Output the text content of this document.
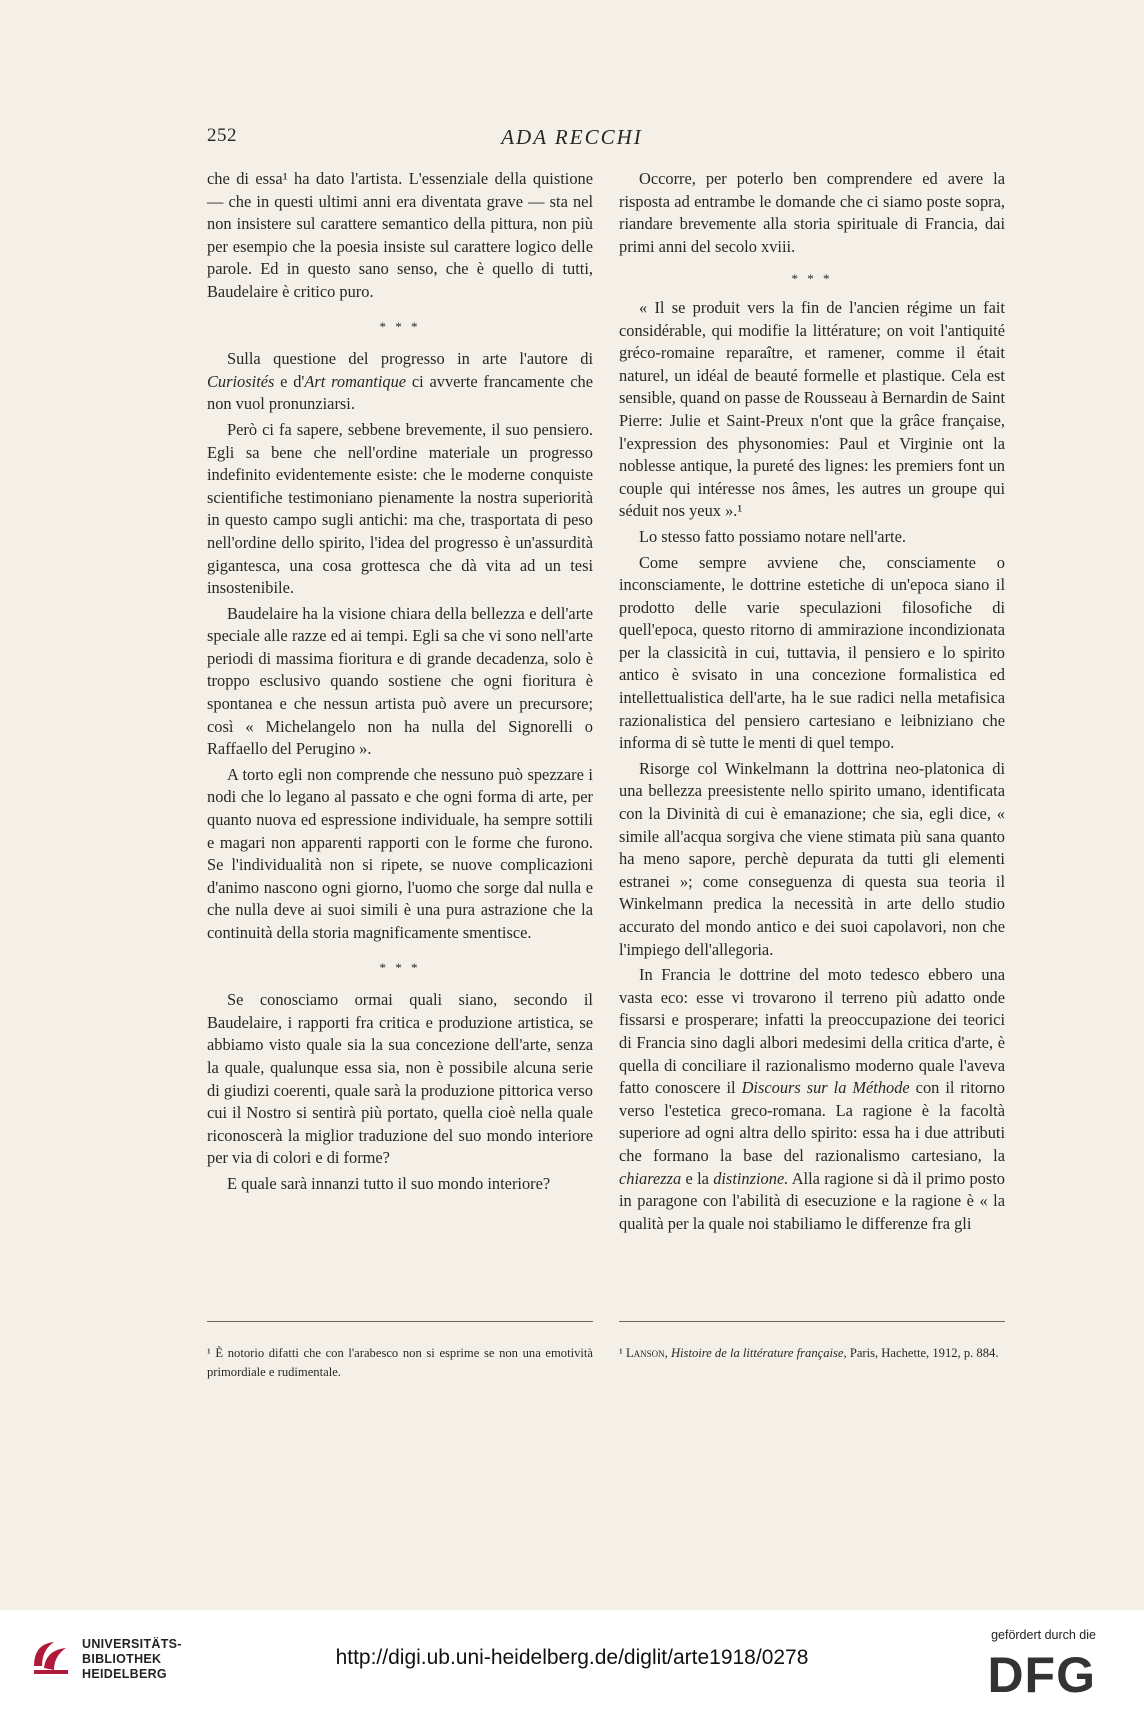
252	ADA RECCHI

che di essa¹ ha dato l'artista. L'essenziale della quistione — che in questi ultimi anni era diventata grave — sta nel non insistere sul carattere semantico della pittura, non più per esempio che la poesia insiste sul carattere logico delle parole. Ed in questo sano senso, che è quello di tutti, Baudelaire è critico puro.

* * *

Sulla questione del progresso in arte l'autore di Curiosités e d'Art romantique ci avverte francamente che non vuol pronunziarsi.

Però ci fa sapere, sebbene brevemente, il suo pensiero. Egli sa bene che nell'ordine materiale un progresso indefinito evidentemente esiste: che le moderne conquiste scientifiche testimoniano pienamente la nostra superiorità in questo campo sugli antichi: ma che, trasportata di peso nell'ordine dello spirito, l'idea del progresso è un'assurdità gigantesca, una cosa grottesca che dà vita ad un tesi insostenibile.

Baudelaire ha la visione chiara della bellezza e dell'arte speciale alle razze ed ai tempi. Egli sa che vi sono nell'arte periodi di massima fioritura e di grande decadenza, solo è troppo esclusivo quando sostiene che ogni fioritura è spontanea e che nessun artista può avere un precursore; così « Michelangelo non ha nulla del Signorelli o Raffaello del Perugino ».

A torto egli non comprende che nessuno può spezzare i nodi che lo legano al passato e che ogni forma di arte, per quanto nuova ed espressione individuale, ha sempre sottili e magari non apparenti rapporti con le forme che furono. Se l'individualità non si ripete, se nuove complicazioni d'animo nascono ogni giorno, l'uomo che sorge dal nulla e che nulla deve ai suoi simili è una pura astrazione che la continuità della storia magnificamente smentisce.

* * *

Se conosciamo ormai quali siano, secondo il Baudelaire, i rapporti fra critica e produzione artistica, se abbiamo visto quale sia la sua concezione dell'arte, senza la quale, qualunque essa sia, non è possibile alcuna serie di giudizi coerenti, quale sarà la produzione pittorica verso cui il Nostro si sentirà più portato, quella cioè nella quale riconoscerà la miglior traduzione del suo mondo interiore per via di colori e di forme?

E quale sarà innanzi tutto il suo mondo interiore?

Occorre, per poterlo ben comprendere ed avere la risposta ad entrambe le domande che ci siamo poste sopra, riandare brevemente alla storia spirituale di Francia, dai primi anni del secolo xviii.

* * *

« Il se produit vers la fin de l'ancien régime un fait considérable, qui modifie la littérature; on voit l'antiquité gréco-romaine reparaître, et ramener, comme il était naturel, un idéal de beauté formelle et plastique. Cela est sensible, quand on passe de Rousseau à Bernardin de Saint Pierre: Julie et Saint-Preux n'ont que la grâce française, l'expression des physonomies: Paul et Virginie ont la noblesse antique, la pureté des lignes: les premiers font un couple qui intéresse nos âmes, les autres un groupe qui séduit nos yeux ».¹

Lo stesso fatto possiamo notare nell'arte.

Come sempre avviene che, consciamente o inconsciamente, le dottrine estetiche di un'epoca siano il prodotto delle varie speculazioni filosofiche di quell'epoca, questo ritorno di ammirazione incondizionata per la classicità in cui, tuttavia, il pensiero e lo spirito antico è svisato in una concezione formalistica ed intellettualistica dell'arte, ha le sue radici nella metafisica razionalistica del pensiero cartesiano e leibniziano che informa di sè tutte le menti di quel tempo.

Risorge col Winkelmann la dottrina neo-platonica di una bellezza preesistente nello spirito umano, identificata con la Divinità di cui è emanazione; che sia, egli dice, « simile all'acqua sorgiva che viene stimata più sana quanto ha meno sapore, perchè depurata da tutti gli elementi estranei »; come conseguenza di questa sua teoria il Winkelmann predica la necessità in arte dello studio accurato del mondo antico e dei suoi capolavori, non che l'impiego dell'allegoria.

In Francia le dottrine del moto tedesco ebbero una vasta eco: esse vi trovarono il terreno più adatto onde fissarsi e prosperare; infatti la preoccupazione dei teorici di Francia sino dagli albori medesimi della critica d'arte, è quella di conciliare il razionalismo moderno quale l'aveva fatto conoscere il Discours sur la Méthode con il ritorno verso l'estetica greco-romana. La ragione è la facoltà superiore ad ogni altra dello spirito: essa ha i due attributi che formano la base del razionalismo cartesiano, la chiarezza e la distinzione. Alla ragione si dà il primo posto in paragone con l'abilità di esecuzione e la ragione è « la qualità per la quale noi stabiliamo le differenze fra gli

¹ È notorio difatti che con l'arabesco non si esprime se non una emotività primordiale e rudimentale.
¹ Lanson, Histoire de la littérature française, Paris, Hachette, 1912, p. 884.
UNIVERSITÄTS-
BIBLIOTHEK
HEIDELBERG
http://digi.ub.uni-heidelberg.de/diglit/arte1918/0278
gefördert durch die
DFG
